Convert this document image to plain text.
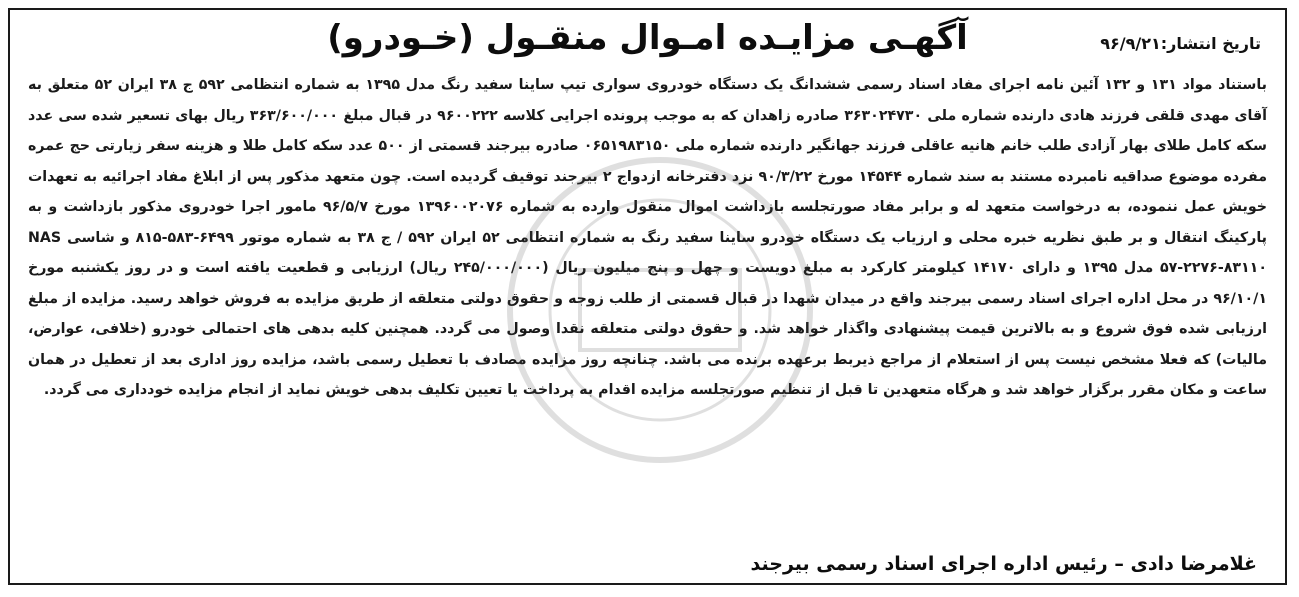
آگهـی مزایـده امـوال منقـول (خـودرو)	تاریخ انتشار:۹۶/۹/۲۱

باستناد مواد ۱۳۱ و ۱۳۲ آئین نامه اجرای مفاد اسناد رسمی ششدانگ یک دستگاه خودروی سواری تیپ ساینا سفید رنگ مدل ۱۳۹۵ به شماره انتظامی ۵۹۲ ج ۳۸ ایران ۵۲ متعلق به آقای مهدی قلقی فرزند هادی دارنده شماره ملی ۳۶۳۰۲۴۷۳۰ صادره زاهدان که به موجب پرونده اجرایی کلاسه ۹۶۰۰۲۲۲ در قبال مبلغ ۳۶۳/۶۰۰/۰۰۰ ریال بهای تسعیر شده سی عدد سکه کامل طلای بهار آزادی طلب خانم هانیه عاقلی فرزند جهانگیر دارنده شماره ملی ۰۶۵۱۹۸۳۱۵۰ صادره بیرجند قسمتی از ۵۰۰ عدد سکه کامل طلا و هزینه سفر زیارتی حج عمره مفرده موضوع صداقیه نامبرده مستند به سند شماره ۱۴۵۴۴ مورخ ۹۰/۳/۲۲ نزد دفترخانه ازدواج ۲ بیرجند توقیف گردیده است. چون متعهد مذکور پس از ابلاغ مفاد اجرائیه به تعهدات خویش عمل ننموده، به درخواست متعهد له و برابر مفاد صورتجلسه بازداشت اموال منقول وارده به شماره ۱۳۹۶۰۰۲۰۷۶ مورخ ۹۶/۵/۷ مامور اجرا خودروی مذکور بازداشت و به پارکینگ انتقال و بر طبق نظریه خبره محلی و ارزیاب یک دستگاه خودرو ساینا سفید رنگ به شماره انتظامی ۵۲ ایران ۵۹۲ / ج ۳۸ به شماره موتور ۶۴۹۹-۵۸۳-۸۱۵ و شاسی NAS ۵۷-۲۲۷۶-۸۳۱۱۰ مدل ۱۳۹۵ و دارای ۱۴۱۷۰ کیلومتر کارکرد به مبلغ دویست و چهل و پنج میلیون ریال (۲۴۵/۰۰۰/۰۰۰ ریال) ارزیابی و قطعیت یافته است و در روز یکشنبه مورخ ۹۶/۱۰/۱ در محل اداره اجرای اسناد رسمی بیرجند واقع در میدان شهدا در قبال قسمتی از طلب زوجه و حقوق دولتی متعلقه از طریق مزایده به فروش خواهد رسید. مزایده از مبلغ ارزیابی شده فوق شروع و به بالاترین قیمت پیشنهادی واگذار خواهد شد. و حقوق دولتی متعلقه نقدا وصول می گردد. همچنین کلیه بدهی های احتمالی خودرو (خلافی، عوارض، مالیات) که فعلا مشخص نیست پس از استعلام از مراجع ذیربط برعهده برنده می باشد. چنانچه روز مزایده مصادف با تعطیل رسمی باشد، مزایده روز اداری بعد از تعطیل در همان ساعت و مکان مقرر برگزار خواهد شد و هرگاه متعهدین تا قبل از تنظیم صورتجلسه مزایده اقدام به پرداخت یا تعیین تکلیف بدهی خویش نماید از انجام مزایده خودداری می گردد.

غلامرضا دادی – رئیس اداره اجرای اسناد رسمی بیرجند
